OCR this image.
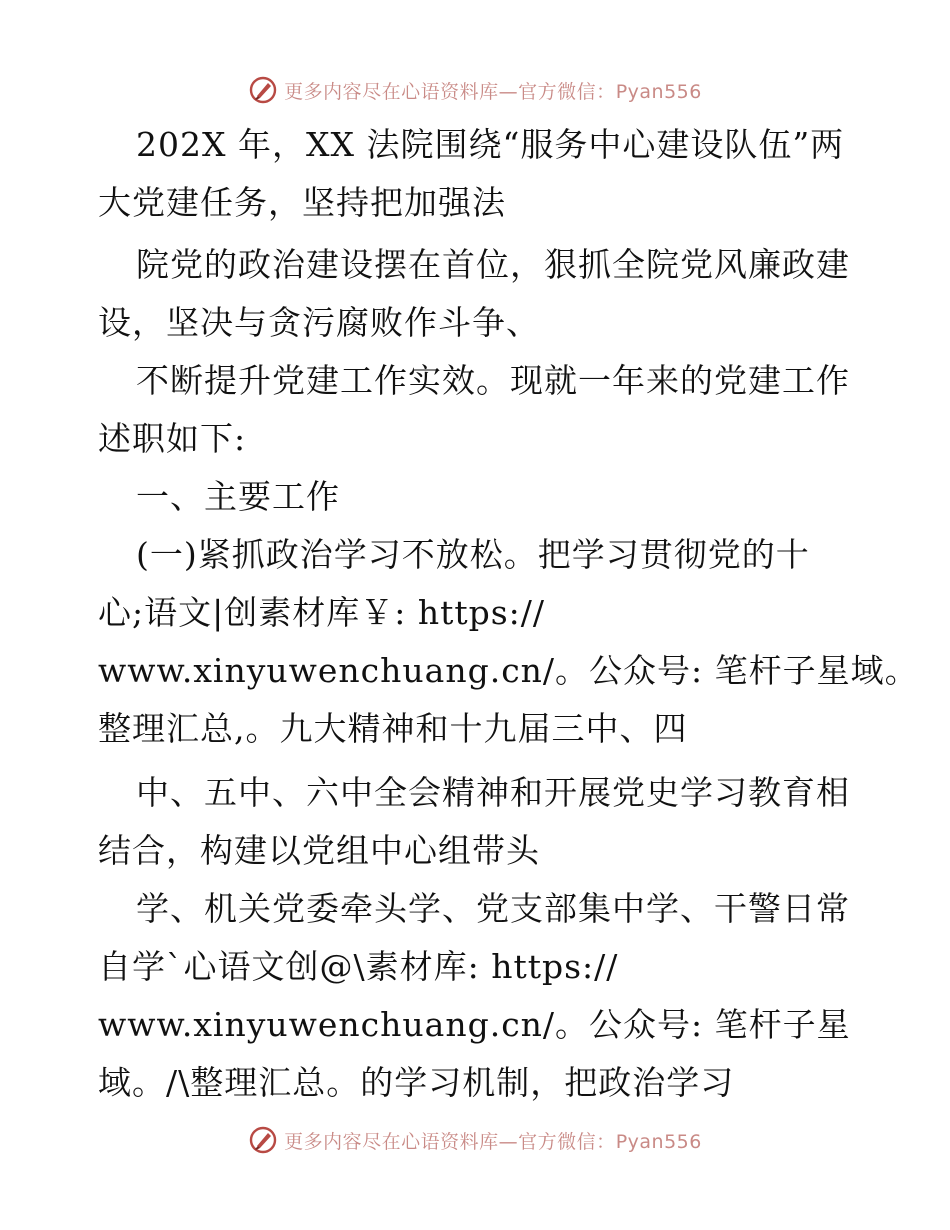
更多内容尽在心语资料库—官方微信：Pyan556
202X 年，XX 法院围绕“服务中心建设队伍”两
大党建任务，坚持把加强法
院党的政治建设摆在首位，狠抓全院党风廉政建
设，坚决与贪污腐败作斗争、
不断提升党建工作实效。现就一年来的党建工作
述职如下:
一、主要工作
(一)紧抓政治学习不放松。把学习贯彻党的十
心;语文|创素材库￥: https://
www.xinyuwenchuang.cn/。公众号: 笔杆子星域。
整理汇总,。九大精神和十九届三中、四
中、五中、六中全会精神和开展党史学习教育相
结合，构建以党组中心组带头
学、机关党委牵头学、党支部集中学、干警日常
自学`心语文创@\素材库: https://
www.xinyuwenchuang.cn/。公众号: 笔杆子星
域。/\整理汇总。的学习机制，把政治学习
更多内容尽在心语资料库—官方微信：Pyan556
